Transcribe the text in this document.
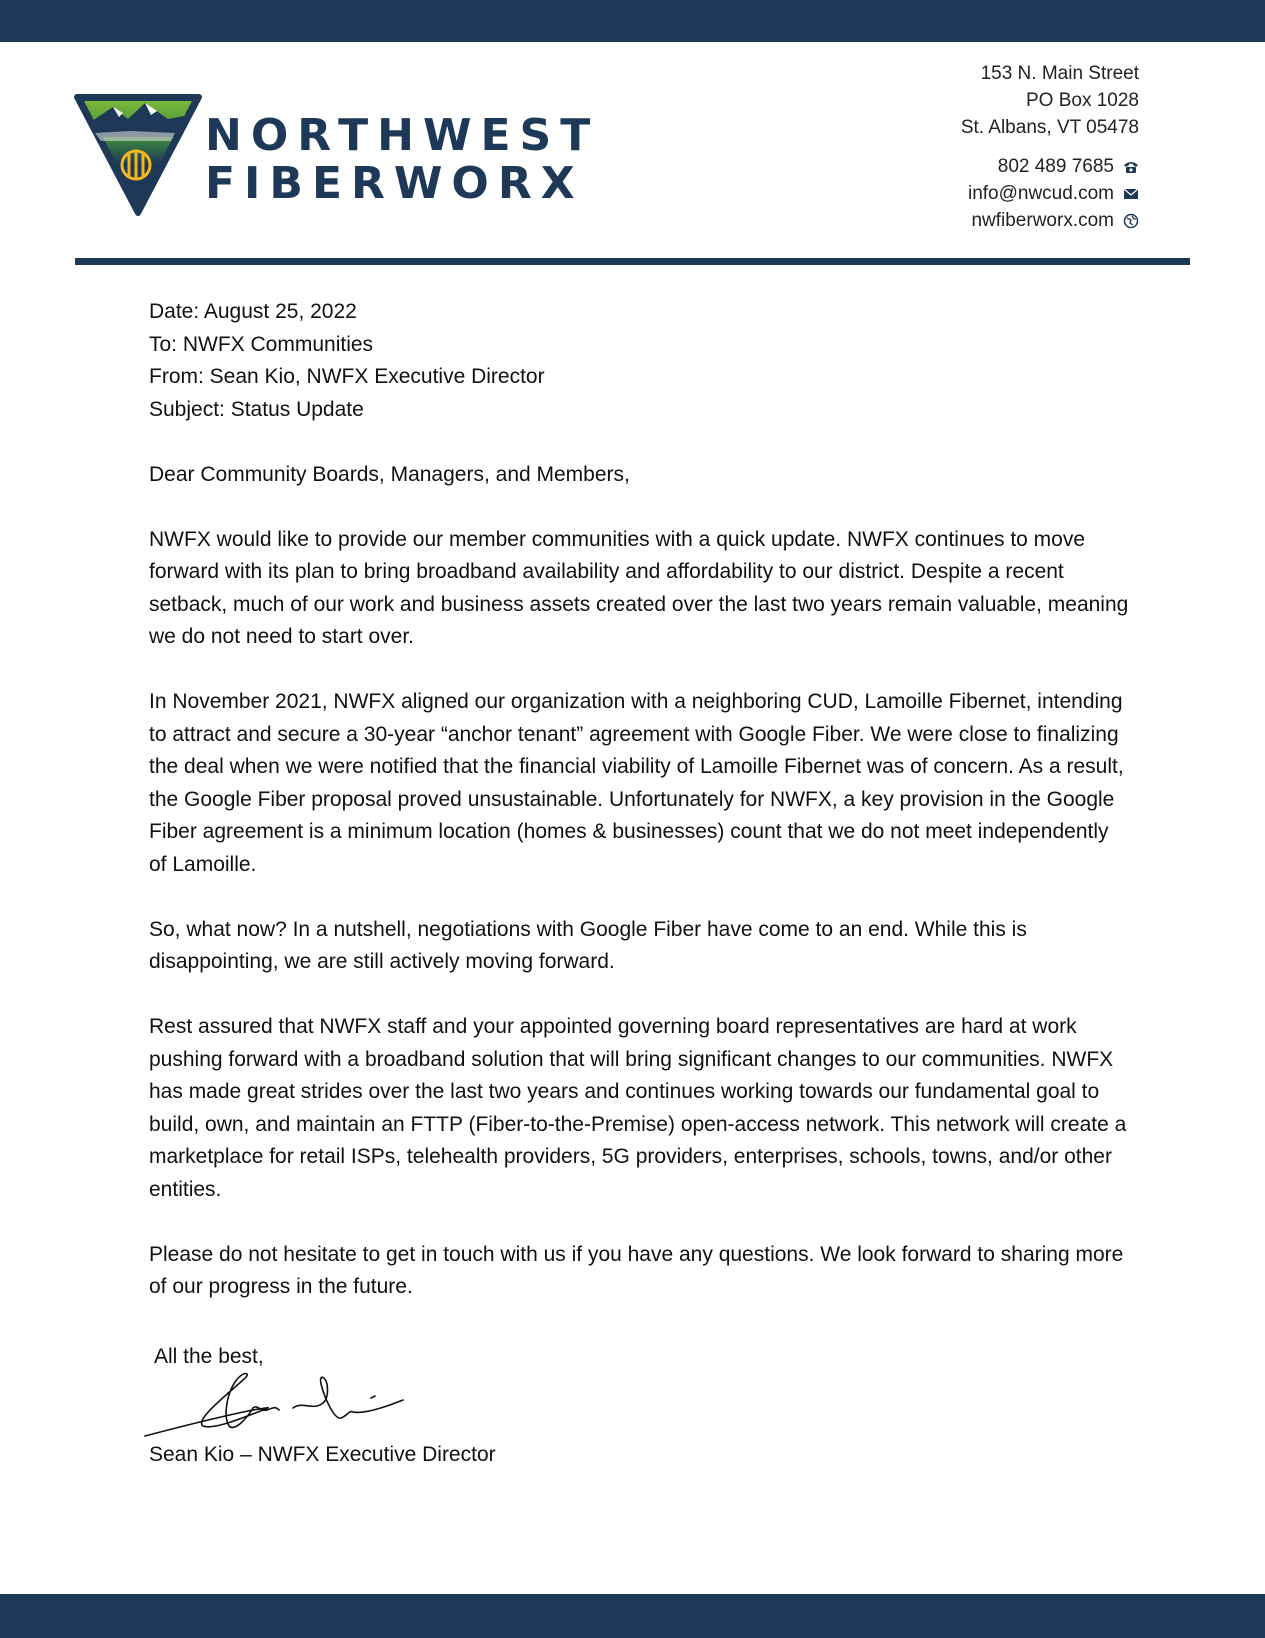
NORTHWEST
FIBERWORX
153 N. Main Street
PO Box 1028
St. Albans, VT 05478
802 489 7685
info@nwcud.com
nwfiberworx.com
Date: August 25, 2022
To: NWFX Communities
From: Sean Kio, NWFX Executive Director
Subject: Status Update

Dear Community Boards, Managers, and Members,

NWFX would like to provide our member communities with a quick update. NWFX continues to move forward with its plan to bring broadband availability and affordability to our district. Despite a recent setback, much of our work and business assets created over the last two years remain valuable, meaning we do not need to start over.

In November 2021, NWFX aligned our organization with a neighboring CUD, Lamoille Fibernet, intending to attract and secure a 30-year “anchor tenant” agreement with Google Fiber. We were close to finalizing the deal when we were notified that the financial viability of Lamoille Fibernet was of concern. As a result, the Google Fiber proposal proved unsustainable. Unfortunately for NWFX, a key provision in the Google Fiber agreement is a minimum location (homes & businesses) count that we do not meet independently of Lamoille.

So, what now? In a nutshell, negotiations with Google Fiber have come to an end. While this is disappointing, we are still actively moving forward.

Rest assured that NWFX staff and your appointed governing board representatives are hard at work pushing forward with a broadband solution that will bring significant changes to our communities. NWFX has made great strides over the last two years and continues working towards our fundamental goal to build, own, and maintain an FTTP (Fiber-to-the-Premise) open-access network. This network will create a marketplace for retail ISPs, telehealth providers, 5G providers, enterprises, schools, towns, and/or other entities.

Please do not hesitate to get in touch with us if you have any questions. We look forward to sharing more of our progress in the future.

All the best,
Sean Kio – NWFX Executive Director
